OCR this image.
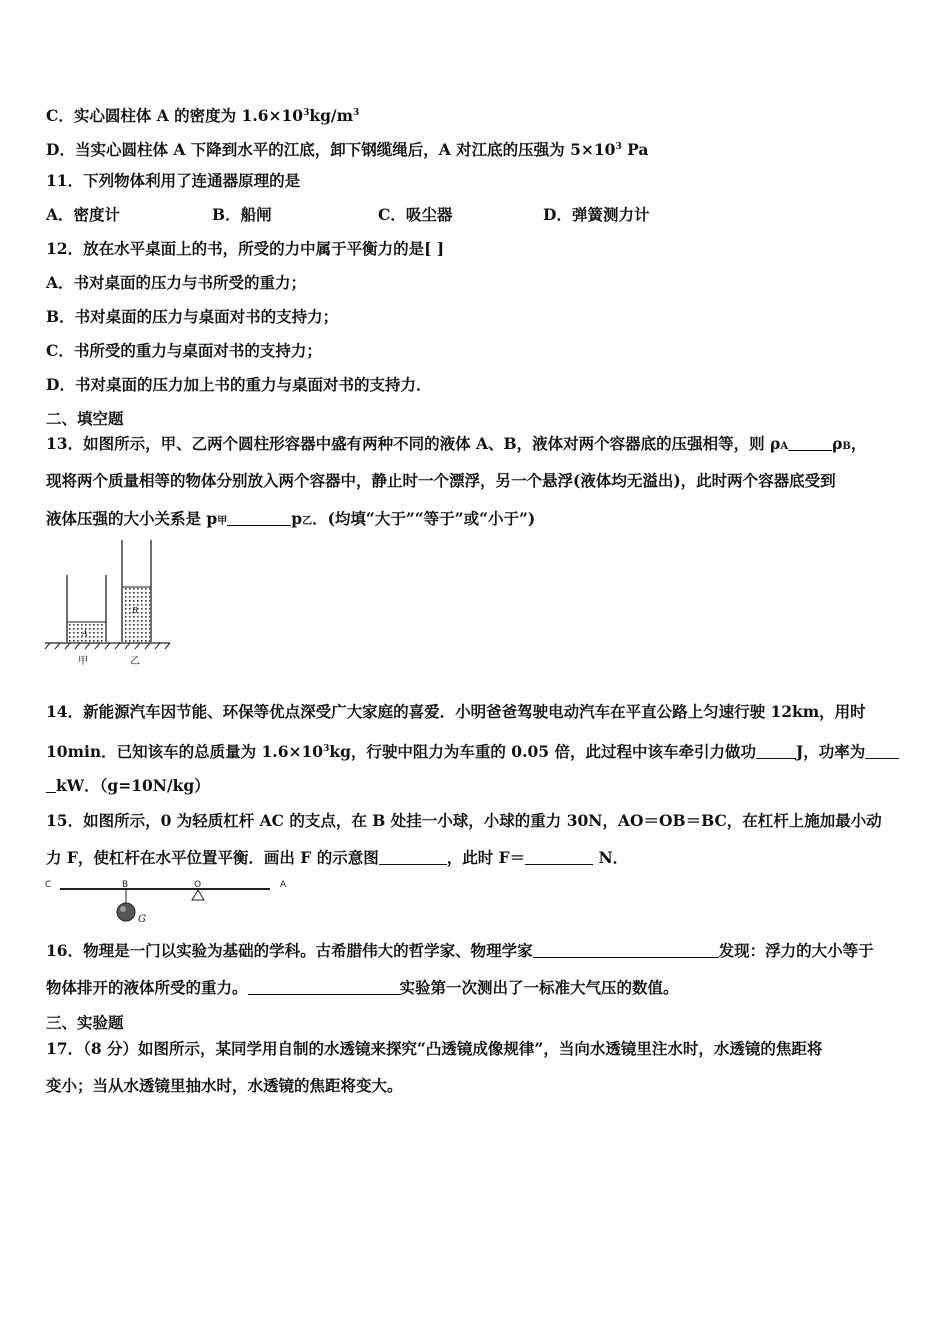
C．实心圆柱体 A 的密度为 $1.6\times 10^3kg/m^3$
D．当实心圆柱体 A 下降到水平的江底，卸下钢缆绳后，A 对江底的压强为 $5\times 10^3$ Pa
11．下列物体利用了连通器原理的是
A．密度计	B．船闸	C．吸尘器	D．弹簧测力计
12．放在水平桌面上的书，所受的力中属于平衡力的是[ ]
A．书对桌面的压力与书所受的重力；
B．书对桌面的压力与桌面对书的支持力；
C．书所受的重力与桌面对书的支持力；
D．书对桌面的压力加上书的重力与桌面对书的支持力．
二、填空题
13．如图所示，甲、乙两个圆柱形容器中盛有两种不同的液体 A、B，液体对两个容器底的压强相等，则 ρA	ρB，
现将两个质量相等的物体分别放入两个容器中，静止时一个漂浮，另一个悬浮(液体均无溢出)，此时两个容器底受到
液体压强的大小关系是 p甲	p乙．(均填“大于”“等于”或“小于”)
A
B
甲	乙
14．新能源汽车因节能、环保等优点深受广大家庭的喜爱．小明爸爸驾驶电动汽车在平直公路上匀速行驶 12km，用时
10min．已知该车的总质量为 $1.6\times 10^3kg$，行驶中阻力为车重的 0.05 倍，此过程中该车牵引力做功	J，功率为
kW．（g=10N/kg）
15．如图所示，0 为轻质杠杆 AC 的支点，在 B 处挂一小球，小球的重力 30N，AO＝OB＝BC，在杠杆上施加最小动
力 F，使杠杆在水平位置平衡．画出 F 的示意图	，此时 F＝	N．
C	B	O	A
G
16．物理是一门以实验为基础的学科。古希腊伟大的哲学家、物理学家	发现：浮力的大小等于
物体排开的液体所受的重力。	实验第一次测出了一标准大气压的数值。
三、实验题
17．（8 分）如图所示，某同学用自制的水透镜来探究“凸透镜成像规律”，当向水透镜里注水时，水透镜的焦距将
变小；当从水透镜里抽水时，水透镜的焦距将变大。
